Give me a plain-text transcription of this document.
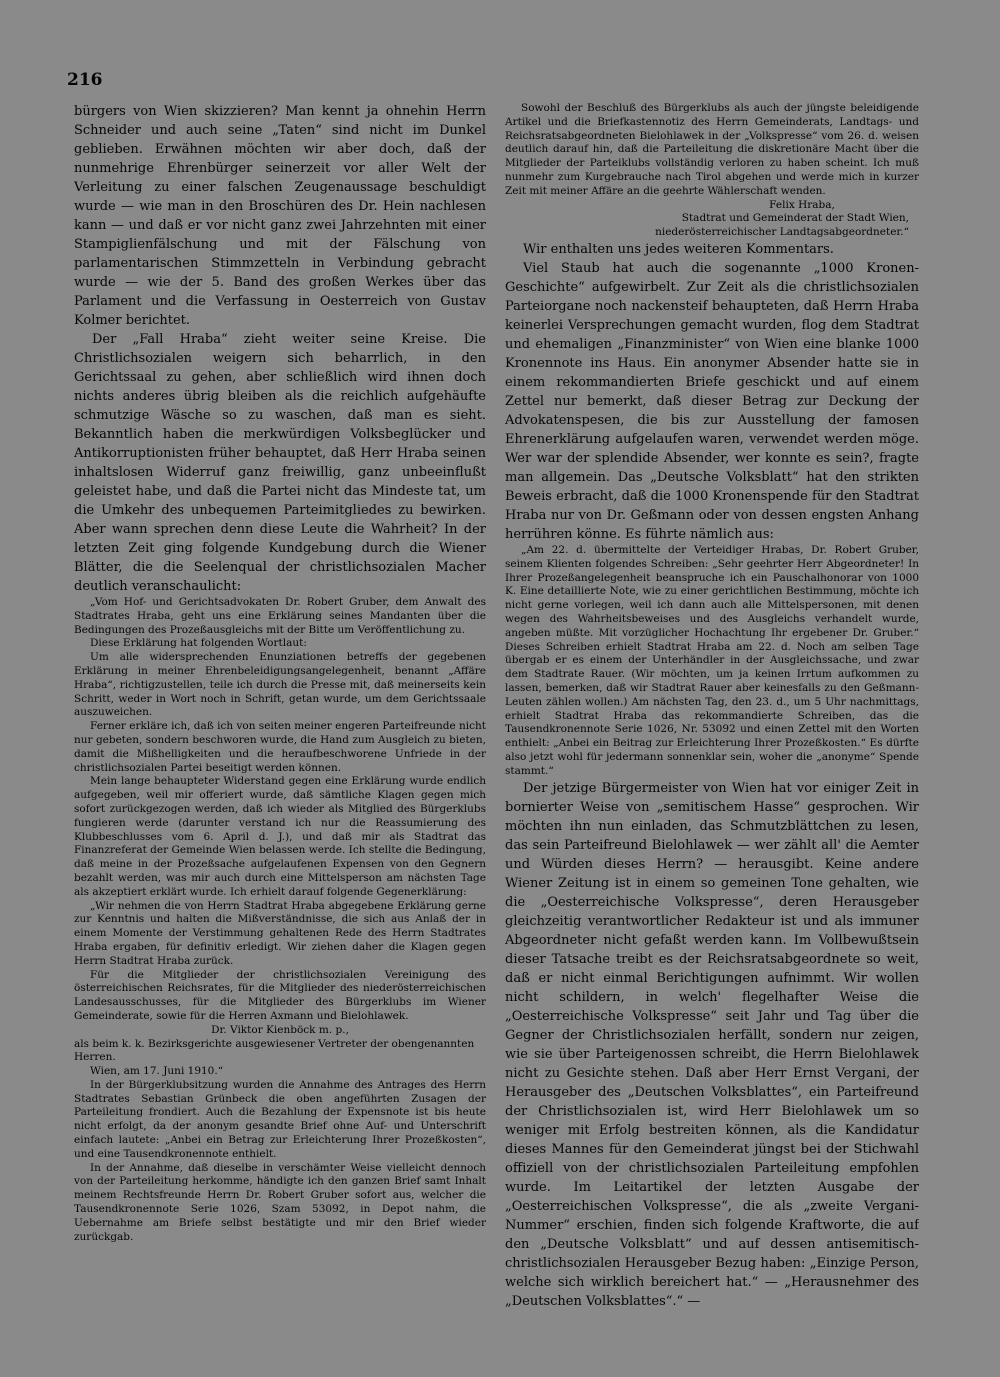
216

bürgers von Wien skizzieren? Man kennt ja ohnehin Herrn Schneider und auch seine „Taten“ sind nicht im Dunkel geblieben. Erwähnen möchten wir aber doch, daß der nunmehrige Ehrenbürger seinerzeit vor aller Welt der Verleitung zu einer falschen Zeugenaussage beschuldigt wurde — wie man in den Broschüren des Dr. Hein nachlesen kann — und daß er vor nicht ganz zwei Jahrzehnten mit einer Stampiglienfälschung und mit der Fälschung von parlamentarischen Stimmzetteln in Verbindung gebracht wurde — wie der 5. Band des großen Werkes über das Parlament und die Verfassung in Oesterreich von Gustav Kolmer berichtet.

Der „Fall Hraba“ zieht weiter seine Kreise. Die Christlichsozialen weigern sich beharrlich, in den Gerichtssaal zu gehen, aber schließlich wird ihnen doch nichts anderes übrig bleiben als die reichlich aufgehäufte schmutzige Wäsche so zu waschen, daß man es sieht. Bekanntlich haben die merkwürdigen Volksbeglücker und Antikorruptionisten früher behauptet, daß Herr Hraba seinen inhaltslosen Widerruf ganz freiwillig, ganz unbeeinflußt geleistet habe, und daß die Partei nicht das Mindeste tat, um die Umkehr des unbequemen Parteimitgliedes zu bewirken. Aber wann sprechen denn diese Leute die Wahrheit? In der letzten Zeit ging folgende Kundgebung durch die Wiener Blätter, die die Seelenqual der christlichsozialen Macher deutlich veranschaulicht:

„Vom Hof- und Gerichtsadvokaten Dr. Robert Gruber, dem Anwalt des Stadtrates Hraba, geht uns eine Erklärung seines Mandanten über die Bedingungen des Prozeßausgleichs mit der Bitte um Veröffentlichung zu.

Diese Erklärung hat folgenden Wortlaut:

Um alle widersprechenden Enunziationen betreffs der gegebenen Erklärung in meiner Ehrenbeleidigungsangelegenheit, benannt „Affäre Hraba“, richtigzustellen, teile ich durch die Presse mit, daß meinerseits kein Schritt, weder in Wort noch in Schrift, getan wurde, um dem Gerichtssaale auszuweichen.

Ferner erkläre ich, daß ich von seiten meiner engeren Parteifreunde nicht nur gebeten, sondern beschworen wurde, die Hand zum Ausgleich zu bieten, damit die Mißhelligkeiten und die heraufbeschworene Unfriede in der christlichsozialen Partei beseitigt werden können.

Mein lange behaupteter Widerstand gegen eine Erklärung wurde endlich aufgegeben, weil mir offeriert wurde, daß sämtliche Klagen gegen mich sofort zurückgezogen werden, daß ich wieder als Mitglied des Bürgerklubs fungieren werde (darunter verstand ich nur die Reassumierung des Klubbeschlusses vom 6. April d. J.), und daß mir als Stadtrat das Finanzreferat der Gemeinde Wien belassen werde. Ich stellte die Bedingung, daß meine in der Prozeßsache aufgelaufenen Expensen von den Gegnern bezahlt werden, was mir auch durch eine Mittelsperson am nächsten Tage als akzeptiert erklärt wurde. Ich erhielt darauf folgende Gegenerklärung:

„Wir nehmen die von Herrn Stadtrat Hraba abgegebene Erklärung gerne zur Kenntnis und halten die Mißverständnisse, die sich aus Anlaß der in einem Momente der Verstimmung gehaltenen Rede des Herrn Stadtrates Hraba ergaben, für definitiv erledigt. Wir ziehen daher die Klagen gegen Herrn Stadtrat Hraba zurück.

Für die Mitglieder der christlichsozialen Vereinigung des österreichischen Reichsrates, für die Mitglieder des niederösterreichischen Landesausschusses, für die Mitglieder des Bürgerklubs im Wiener Gemeinderate, sowie für die Herren Axmann und Bielohlawek.

Dr. Viktor Kienböck m. p.,

als beim k. k. Bezirksgerichte ausgewiesener Vertreter der obengenannten Herren.

Wien, am 17. Juni 1910.“

In der Bürgerklubsitzung wurden die Annahme des Antrages des Herrn Stadtrates Sebastian Grünbeck die oben angeführten Zusagen der Parteileitung frondiert. Auch die Bezahlung der Expensnote ist bis heute nicht erfolgt, da der anonym gesandte Brief ohne Auf- und Unterschrift einfach lautete: „Anbei ein Betrag zur Erleichterung Ihrer Prozeßkosten“, und eine Tausendkronennote enthielt.

In der Annahme, daß dieselbe in verschämter Weise vielleicht dennoch von der Parteileitung herkomme, händigte ich den ganzen Brief samt Inhalt meinem Rechtsfreunde Herrn Dr. Robert Gruber sofort aus, welcher die Tausendkronennote Serie 1026, Szam 53092, in Depot nahm, die Uebernahme am Briefe selbst bestätigte und mir den Brief wieder zurückgab.

Sowohl der Beschluß des Bürgerklubs als auch der jüngste beleidigende Artikel und die Briefkastennotiz des Herrn Gemeinderats, Landtags- und Reichsratsabgeordneten Bielohlawek in der „Volkspresse“ vom 26. d. weisen deutlich darauf hin, daß die Parteileitung die diskretionäre Macht über die Mitglieder der Parteiklubs vollständig verloren zu haben scheint. Ich muß nunmehr zum Kurgebrauche nach Tirol abgehen und werde mich in kurzer Zeit mit meiner Affäre an die geehrte Wählerschaft wenden.

Felix Hraba,

Stadtrat und Gemeinderat der Stadt Wien,

niederösterreichischer Landtagsabgeordneter.“

Wir enthalten uns jedes weiteren Kommentars.

Viel Staub hat auch die sogenannte „1000 Kronen-Geschichte“ aufgewirbelt. Zur Zeit als die christlichsozialen Parteiorgane noch nackensteif behaupteten, daß Herrn Hraba keinerlei Versprechungen gemacht wurden, flog dem Stadtrat und ehemaligen „Finanzminister“ von Wien eine blanke 1000 Kronennote ins Haus. Ein anonymer Absender hatte sie in einem rekommandierten Briefe geschickt und auf einem Zettel nur bemerkt, daß dieser Betrag zur Deckung der Advokatenspesen, die bis zur Ausstellung der famosen Ehrenerklärung aufgelaufen waren, verwendet werden möge. Wer war der splendide Absender, wer konnte es sein?, fragte man allgemein. Das „Deutsche Volksblatt“ hat den strikten Beweis erbracht, daß die 1000 Kronenspende für den Stadtrat Hraba nur von Dr. Geßmann oder von dessen engsten Anhang herrühren könne. Es führte nämlich aus:

„Am 22. d. übermittelte der Verteidiger Hrabas, Dr. Robert Gruber, seinem Klienten folgendes Schreiben: „Sehr geehrter Herr Abgeordneter! In Ihrer Prozeßangelegenheit beanspruche ich ein Pauschalhonorar von 1000 K. Eine detaillierte Note, wie zu einer gerichtlichen Bestimmung, möchte ich nicht gerne vorlegen, weil ich dann auch alle Mittelspersonen, mit denen wegen des Wahrheitsbeweises und des Ausgleichs verhandelt wurde, angeben müßte. Mit vorzüglicher Hochachtung Ihr ergebener Dr. Gruber.“ Dieses Schreiben erhielt Stadtrat Hraba am 22. d. Noch am selben Tage übergab er es einem der Unterhändler in der Ausgleichssache, und zwar dem Stadtrate Rauer. (Wir möchten, um ja keinen Irrtum aufkommen zu lassen, bemerken, daß wir Stadtrat Rauer aber keinesfalls zu den Geßmann-Leuten zählen wollen.) Am nächsten Tag, den 23. d., um 5 Uhr nachmittags, erhielt Stadtrat Hraba das rekommandierte Schreiben, das die Tausendkronennote Serie 1026, Nr. 53092 und einen Zettel mit den Worten enthielt: „Anbei ein Beitrag zur Erleichterung Ihrer Prozeßkosten.“ Es dürfte also jetzt wohl für jedermann sonnenklar sein, woher die „anonyme“ Spende stammt.“

Der jetzige Bürgermeister von Wien hat vor einiger Zeit in bornierter Weise von „semitischem Hasse“ gesprochen. Wir möchten ihn nun einladen, das Schmutzblättchen zu lesen, das sein Parteifreund Bielohlawek — wer zählt all' die Aemter und Würden dieses Herrn? — herausgibt. Keine andere Wiener Zeitung ist in einem so gemeinen Tone gehalten, wie die „Oesterreichische Volkspresse“, deren Herausgeber gleichzeitig verantwortlicher Redakteur ist und als immuner Abgeordneter nicht gefaßt werden kann. Im Vollbewußtsein dieser Tatsache treibt es der Reichsratsabgeordnete so weit, daß er nicht einmal Berichtigungen aufnimmt. Wir wollen nicht schildern, in welch' flegelhafter Weise die „Oesterreichische Volkspresse“ seit Jahr und Tag über die Gegner der Christlichsozialen herfällt, sondern nur zeigen, wie sie über Parteigenossen schreibt, die Herrn Bielohlawek nicht zu Gesichte stehen. Daß aber Herr Ernst Vergani, der Herausgeber des „Deutschen Volksblattes“, ein Parteifreund der Christlichsozialen ist, wird Herr Bielohlawek um so weniger mit Erfolg bestreiten können, als die Kandidatur dieses Mannes für den Gemeinderat jüngst bei der Stichwahl offiziell von der christlichsozialen Parteileitung empfohlen wurde. Im Leitartikel der letzten Ausgabe der „Oesterreichischen Volkspresse“, die als „zweite Vergani-Nummer“ erschien, finden sich folgende Kraftworte, die auf den „Deutsche Volksblatt“ und auf dessen antisemitisch-christlichsozialen Herausgeber Bezug haben: „Einzige Person, welche sich wirklich bereichert hat.“ — „Herausnehmer des „Deutschen Volksblattes“.“ —
